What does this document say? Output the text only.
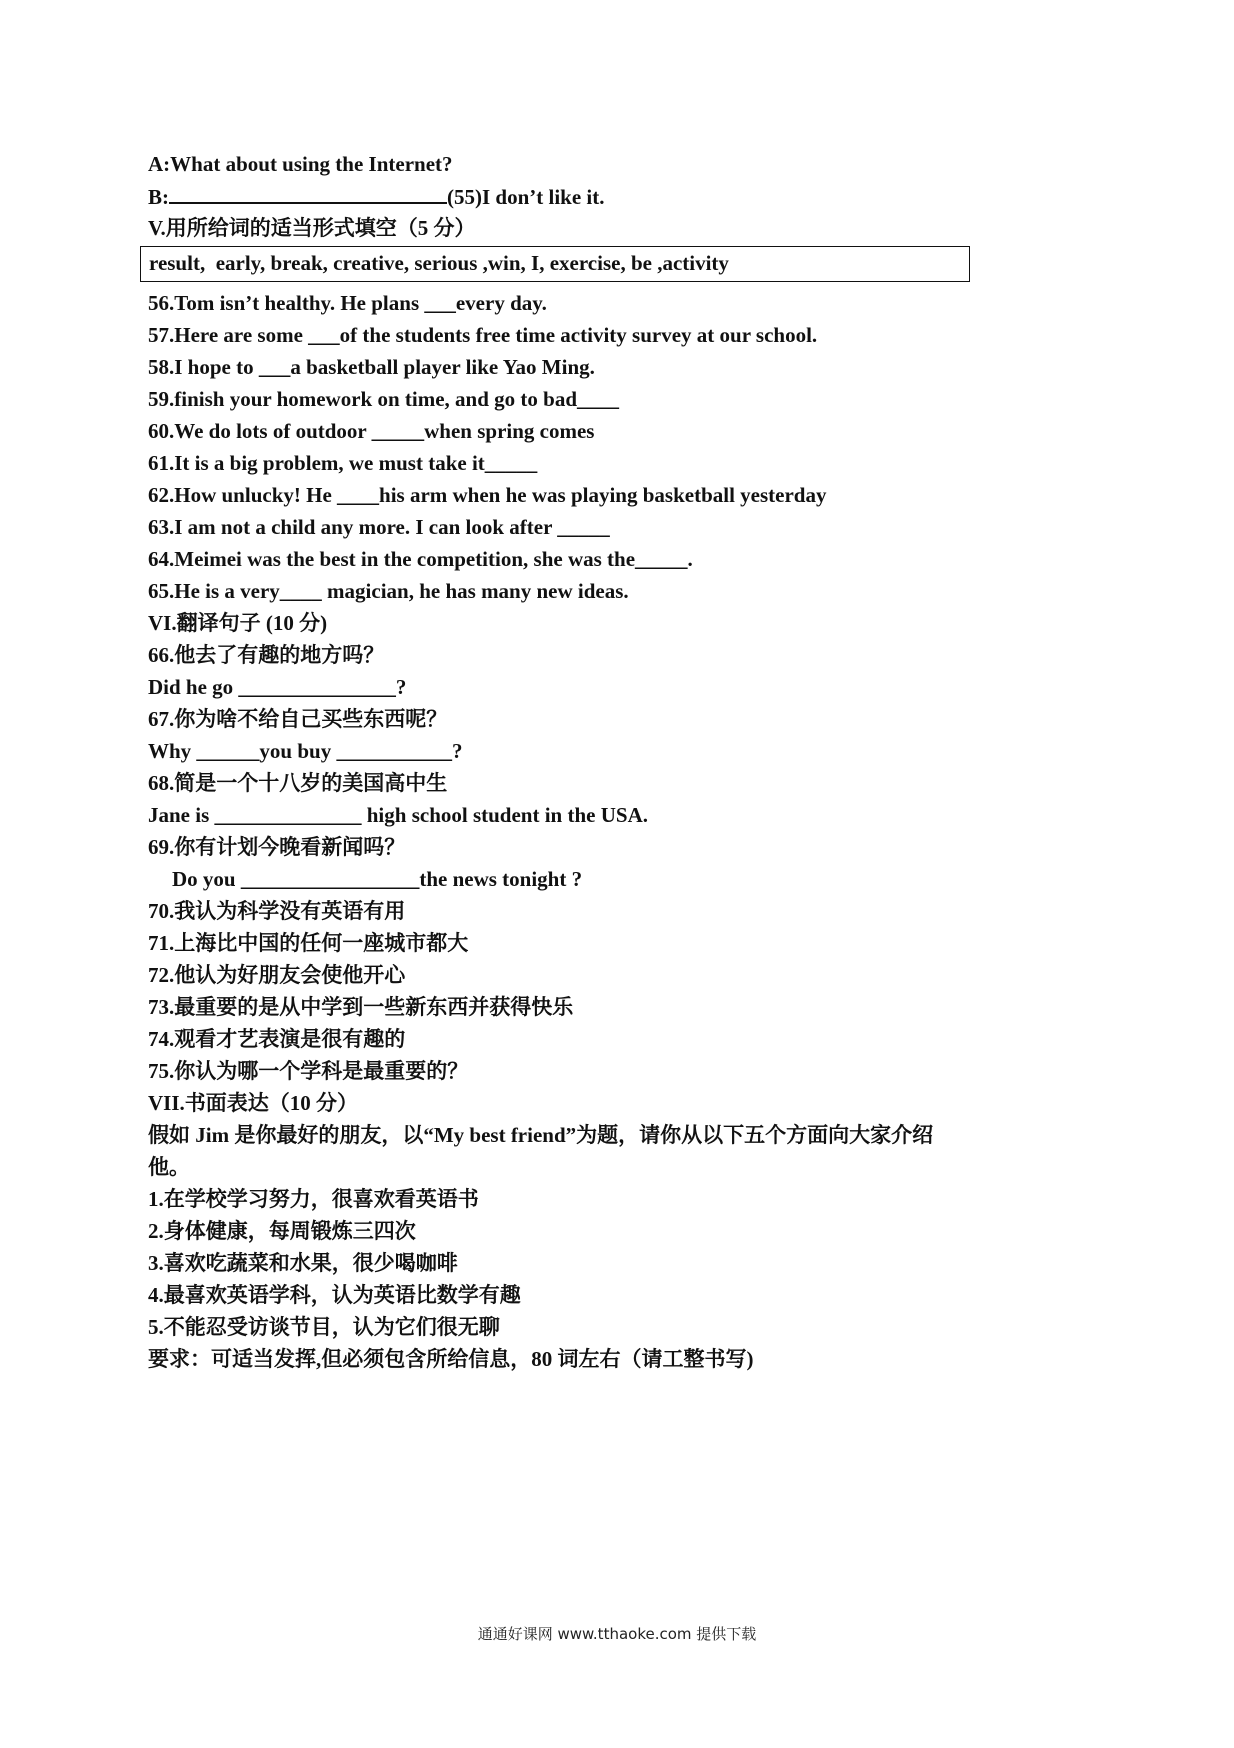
A:What about using the Internet?
B:	(55)I don’t like it.
V.用所给词的适当形式填空（5 分）
result,  early, break, creative, serious ,win, I, exercise, be ,activity
56.Tom isn’t healthy. He plans ___every day.
57.Here are some ___of the students free time activity survey at our school.
58.I hope to ___a basketball player like Yao Ming.
59.finish your homework on time, and go to bad____
60.We do lots of outdoor _____when spring comes
61.It is a big problem, we must take it_____
62.How unlucky! He ____his arm when he was playing basketball yesterday
63.I am not a child any more. I can look after _____
64.Meimei was the best in the competition, she was the_____.
65.He is a very____ magician, he has many new ideas.
VI.翻译句子 (10 分)
66.他去了有趣的地方吗？
Did he go _______________?
67.你为啥不给自己买些东西呢？
Why ______you buy ___________?
68.简是一个十八岁的美国高中生
Jane is ______________ high school student in the USA.
69.你有计划今晚看新闻吗？
Do you _________________the news tonight ?
70.我认为科学没有英语有用
71.上海比中国的任何一座城市都大
72.他认为好朋友会使他开心
73.最重要的是从中学到一些新东西并获得快乐
74.观看才艺表演是很有趣的
75.你认为哪一个学科是最重要的？
VII.书面表达（10 分）
假如 Jim 是你最好的朋友，以“My best friend”为题，请你从以下五个方面向大家介绍
他。
1.在学校学习努力，很喜欢看英语书
2.身体健康，每周锻炼三四次
3.喜欢吃蔬菜和水果，很少喝咖啡
4.最喜欢英语学科，认为英语比数学有趣
5.不能忍受访谈节目，认为它们很无聊
要求：可适当发挥,但必须包含所给信息，80 词左右（请工整书写)
通通好课网 www.tthaoke.com 提供下载
